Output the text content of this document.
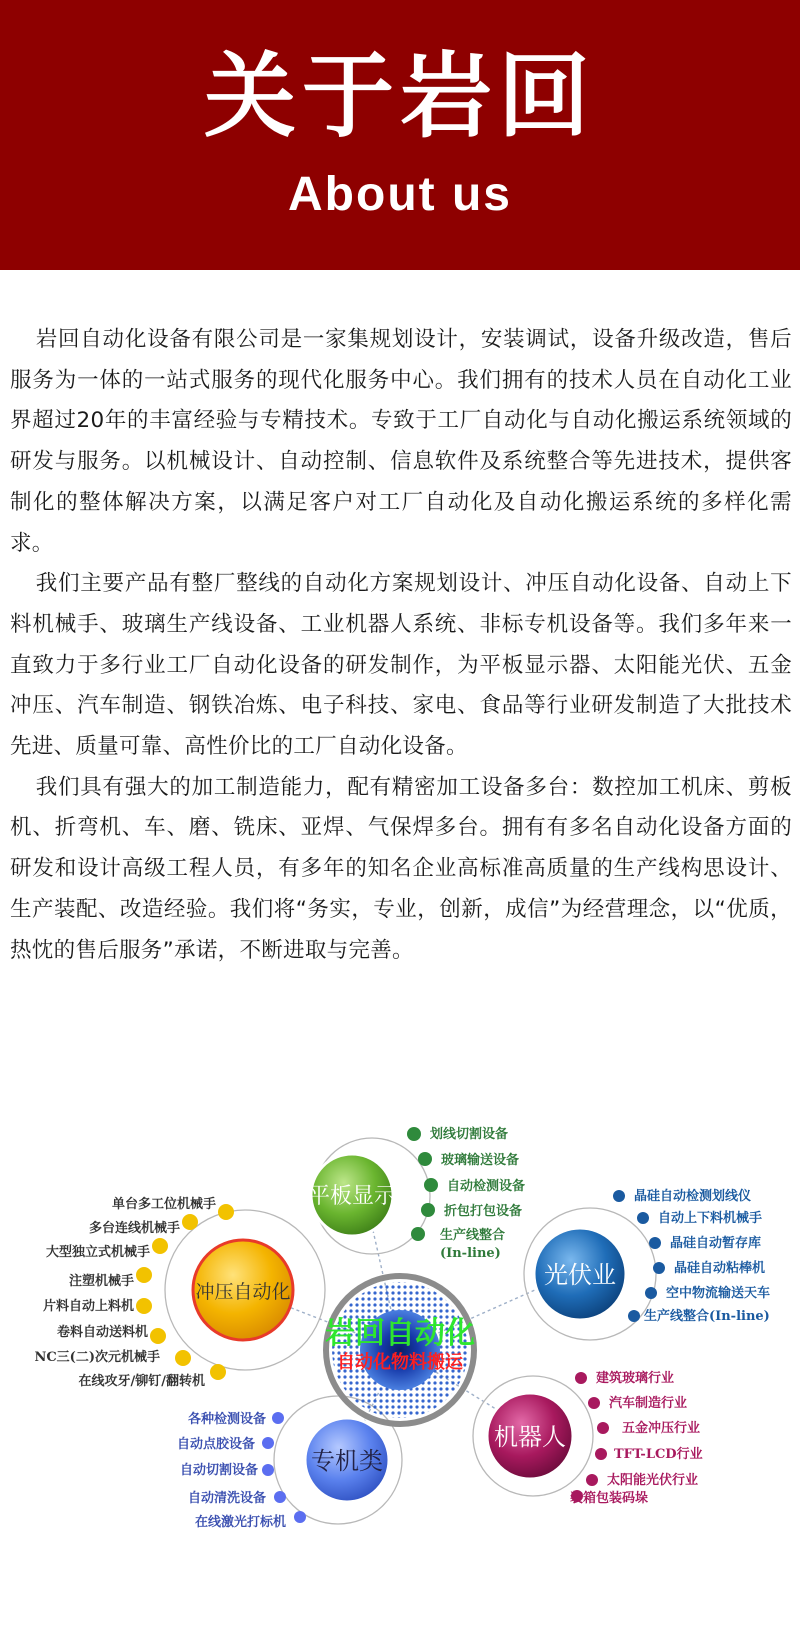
关于岩回
About us

岩回自动化设备有限公司是一家集规划设计，安装调试，设备升级改造，售后服务为一体的一站式服务的现代化服务中心。我们拥有的技术人员在自动化工业界超过20年的丰富经验与专精技术。专致于工厂自动化与自动化搬运系统领域的研发与服务。以机械设计、自动控制、信息软件及系统整合等先进技术，提供客制化的整体解决方案，以满足客户对工厂自动化及自动化搬运系统的多样化需求。

我们主要产品有整厂整线的自动化方案规划设计、冲压自动化设备、自动上下料机械手、玻璃生产线设备、工业机器人系统、非标专机设备等。我们多年来一直致力于多行业工厂自动化设备的研发制作，为平板显示器、太阳能光伏、五金冲压、汽车制造、钢铁冶炼、电子科技、家电、食品等行业研发制造了大批技术先进、质量可靠、高性价比的工厂自动化设备。

我们具有强大的加工制造能力，配有精密加工设备多台：数控加工机床、剪板机、折弯机、车、磨、铣床、亚焊、气保焊多台。拥有有多名自动化设备方面的研发和设计高级工程人员，有多年的知名企业高标准高质量的生产线构思设计、生产装配、改造经验。我们将“务实，专业，创新，成信”为经营理念，以“优质，热忱的售后服务”承诺，不断进取与完善。

岩回自动化
自动化物料搬运
平板显示
划线切割设备
玻璃输送设备
自动检测设备
折包打包设备
生产线整合
(In-line)
光伏业
晶硅自动检测划线仪
自动上下料机械手
晶硅自动暂存库
晶硅自动粘棒机
空中物流输送天车
生产线整合(In-line)
冲压自动化
单台多工位机械手
多台连线机械手
大型独立式机械手
注塑机械手
片料自动上料机
卷料自动送料机
NC三(二)次元机械手
在线攻牙/铆钉/翻转机
机器人
建筑玻璃行业
汽车制造行业
五金冲压行业
TFT-LCD行业
太阳能光伏行业
装箱包装码垛
专机类
各种检测设备
自动点胶设备
自动切割设备
自动清洗设备
在线激光打标机
